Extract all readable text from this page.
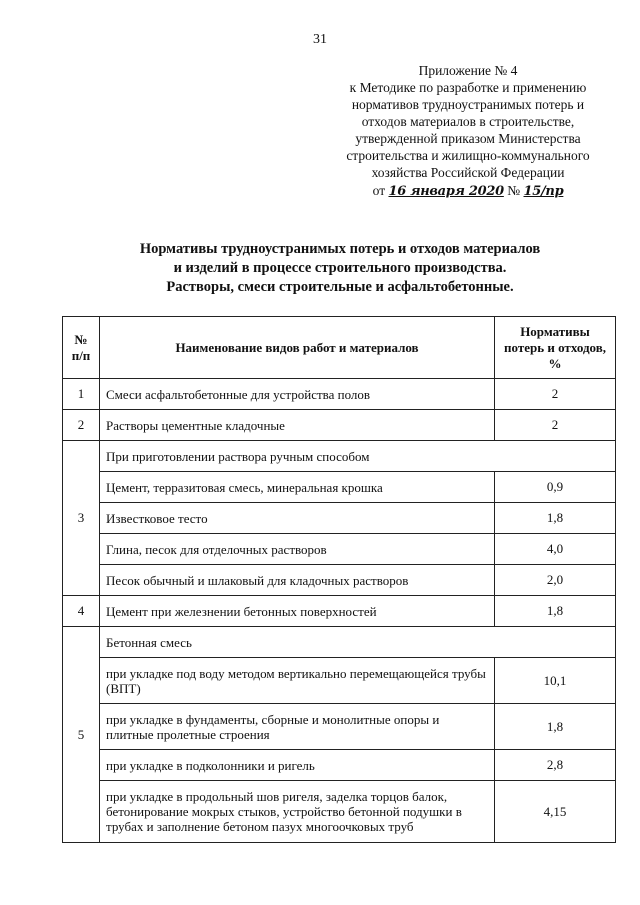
31
Приложение № 4
к Методике по разработке и применению
нормативов трудноустранимых потерь и
отходов материалов в строительстве,
утвержденной приказом Министерства
строительства и жилищно-коммунального
хозяйства Российской Федерации
от 16 января 2020 № 15/пр
Нормативы трудноустранимых потерь и отходов материалов
и изделий в процессе строительного производства.
Растворы, смеси строительные и асфальтобетонные.
№ п/п	Наименование видов работ и материалов	Нормативы потерь и отходов, %
1	Смеси асфальтобетонные для устройства полов	2
2	Растворы цементные кладочные	2
3	При приготовлении раствора ручным способом	
	Цемент, терразитовая смесь, минеральная крошка	0,9
	Известковое тесто	1,8
	Глина, песок для отделочных растворов	4,0
	Песок обычный и шлаковый для кладочных растворов	2,0
4	Цемент при железнении бетонных поверхностей	1,8
5	Бетонная смесь	
	при укладке под воду методом вертикально перемещающейся трубы (ВПТ)	10,1
	при укладке в фундаменты, сборные и монолитные опоры и плитные пролетные строения	1,8
	при укладке в подколонники и ригель	2,8
	при укладке в продольный шов ригеля, заделка торцов балок, бетонирование мокрых стыков, устройство бетонной подушки в трубах и заполнение бетоном пазух многоочковых труб	4,15
